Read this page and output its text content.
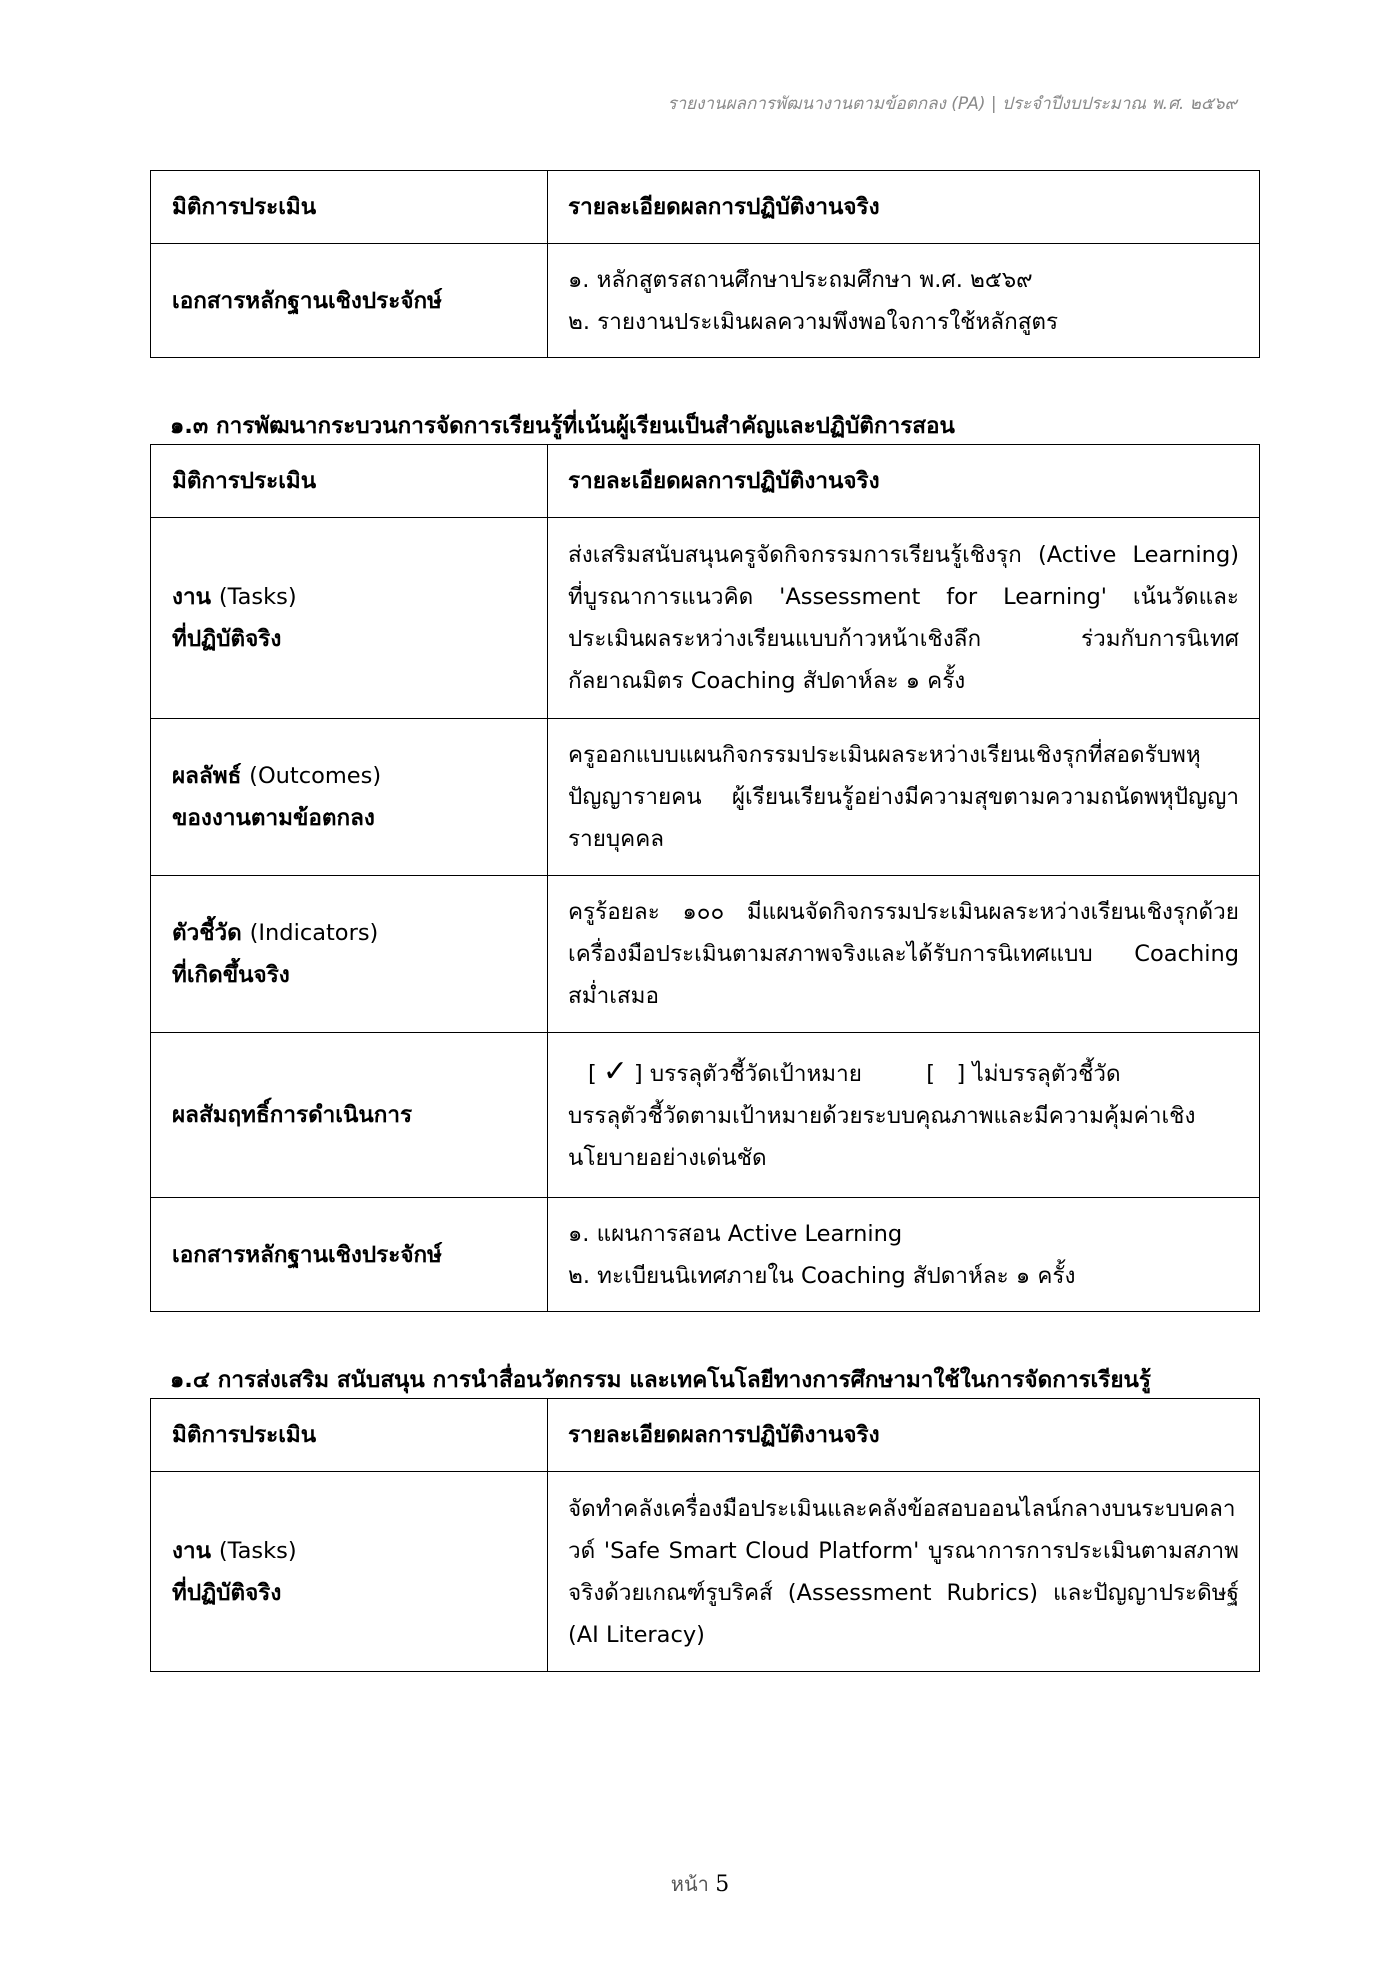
รายงานผลการพัฒนางานตามข้อตกลง (PA) | ประจำปีงบประมาณ พ.ศ. ๒๕๖๙
มิติการประเมิน	รายละเอียดผลการปฏิบัติงานจริง
เอกสารหลักฐานเชิงประจักษ์	๑. หลักสูตรสถานศึกษาประถมศึกษา พ.ศ. ๒๕๖๙
๒. รายงานประเมินผลความพึงพอใจการใช้หลักสูตร
๑.๓ การพัฒนากระบวนการจัดการเรียนรู้ที่เน้นผู้เรียนเป็นสำคัญและปฏิบัติการสอน
มิติการประเมิน	รายละเอียดผลการปฏิบัติงานจริง

งาน (Tasks)
ที่ปฏิบัติจริง	ส่งเสริมสนับสนุนครูจัดกิจกรรมการเรียนรู้เชิงรุก (Active Learning) ที่บูรณาการแนวคิด 'Assessment for Learning' เน้นวัดและประเมินผลระหว่างเรียนแบบก้าวหน้าเชิงลึก ร่วมกับการนิเทศกัลยาณมิตร Coaching สัปดาห์ละ ๑ ครั้ง

ผลลัพธ์ (Outcomes)
ของงานตามข้อตกลง	ครูออกแบบแผนกิจกรรมประเมินผลระหว่างเรียนเชิงรุกที่สอดรับพหุปัญญารายคน ผู้เรียนเรียนรู้อย่างมีความสุขตามความถนัดพหุปัญญารายบุคคล

ตัวชี้วัด (Indicators)
ที่เกิดขึ้นจริง	ครูร้อยละ ๑๐๐ มีแผนจัดกิจกรรมประเมินผลระหว่างเรียนเชิงรุกด้วยเครื่องมือประเมินตามสภาพจริงและได้รับการนิเทศแบบ Coaching สม่ำเสมอ
ผลสัมฤทธิ์การดำเนินการ	[ ✓ ] บรรลุตัวชี้วัดเป้าหมาย [   ] ไม่บรรลุตัวชี้วัด
บรรลุตัวชี้วัดตามเป้าหมายด้วยระบบคุณภาพและมีความคุ้มค่าเชิงนโยบายอย่างเด่นชัด

เอกสารหลักฐานเชิงประจักษ์	๑. แผนการสอน Active Learning
๒. ทะเบียนนิเทศภายใน Coaching สัปดาห์ละ ๑ ครั้ง
๑.๔ การส่งเสริม สนับสนุน การนำสื่อนวัตกรรม และเทคโนโลยีทางการศึกษามาใช้ในการจัดการเรียนรู้
มิติการประเมิน	รายละเอียดผลการปฏิบัติงานจริง

งาน (Tasks)
ที่ปฏิบัติจริง	จัดทำคลังเครื่องมือประเมินและคลังข้อสอบออนไลน์กลางบนระบบคลาวด์ 'Safe Smart Cloud Platform' บูรณาการการประเมินตามสภาพจริงด้วยเกณฑ์รูบริคส์ (Assessment Rubrics) และปัญญาประดิษฐ์ (AI Literacy)
หน้า 5
